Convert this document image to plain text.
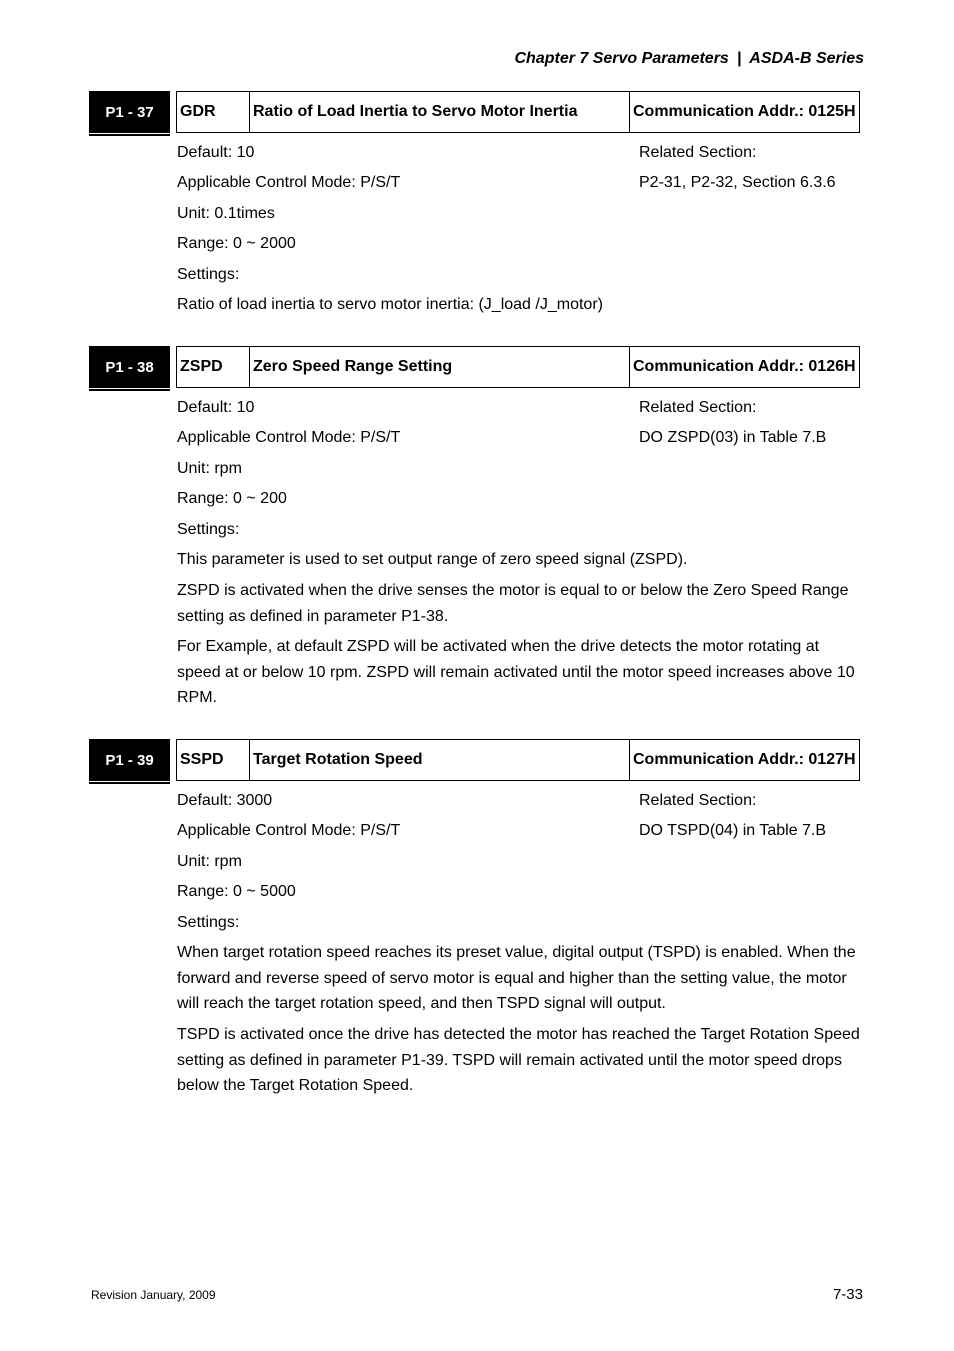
Chapter 7 Servo Parameters | ASDA-B Series
P1 - 37	GDR	Ratio of Load Inertia to Servo Motor Inertia	Communication Addr.: 0125H
Default: 10	Related Section:
Applicable Control Mode: P/S/T	P2-31, P2-32, Section 6.3.6
Unit: 0.1times
Range: 0 ~ 2000
Settings:
Ratio of load inertia to servo motor inertia: (J_load /J_motor)
P1 - 38	ZSPD	Zero Speed Range Setting	Communication Addr.: 0126H
Default: 10	Related Section:
Applicable Control Mode: P/S/T	DO ZSPD(03) in Table 7.B
Unit: rpm
Range: 0 ~ 200
Settings:
This parameter is used to set output range of zero speed signal (ZSPD).
ZSPD is activated when the drive senses the motor is equal to or below the Zero Speed Range setting as defined in parameter P1-38.
For Example, at default ZSPD will be activated when the drive detects the motor rotating at speed at or below 10 rpm. ZSPD will remain activated until the motor speed increases above 10 RPM.
P1 - 39	SSPD	Target Rotation Speed	Communication Addr.: 0127H
Default: 3000	Related Section:
Applicable Control Mode: P/S/T	DO TSPD(04) in Table 7.B
Unit: rpm
Range: 0 ~ 5000
Settings:
When target rotation speed reaches its preset value, digital output (TSPD) is enabled. When the forward and reverse speed of servo motor is equal and higher than the setting value, the motor will reach the target rotation speed, and then TSPD signal will output.
TSPD is activated once the drive has detected the motor has reached the Target Rotation Speed setting as defined in parameter P1-39. TSPD will remain activated until the motor speed drops below the Target Rotation Speed.
Revision January, 2009	7-33
